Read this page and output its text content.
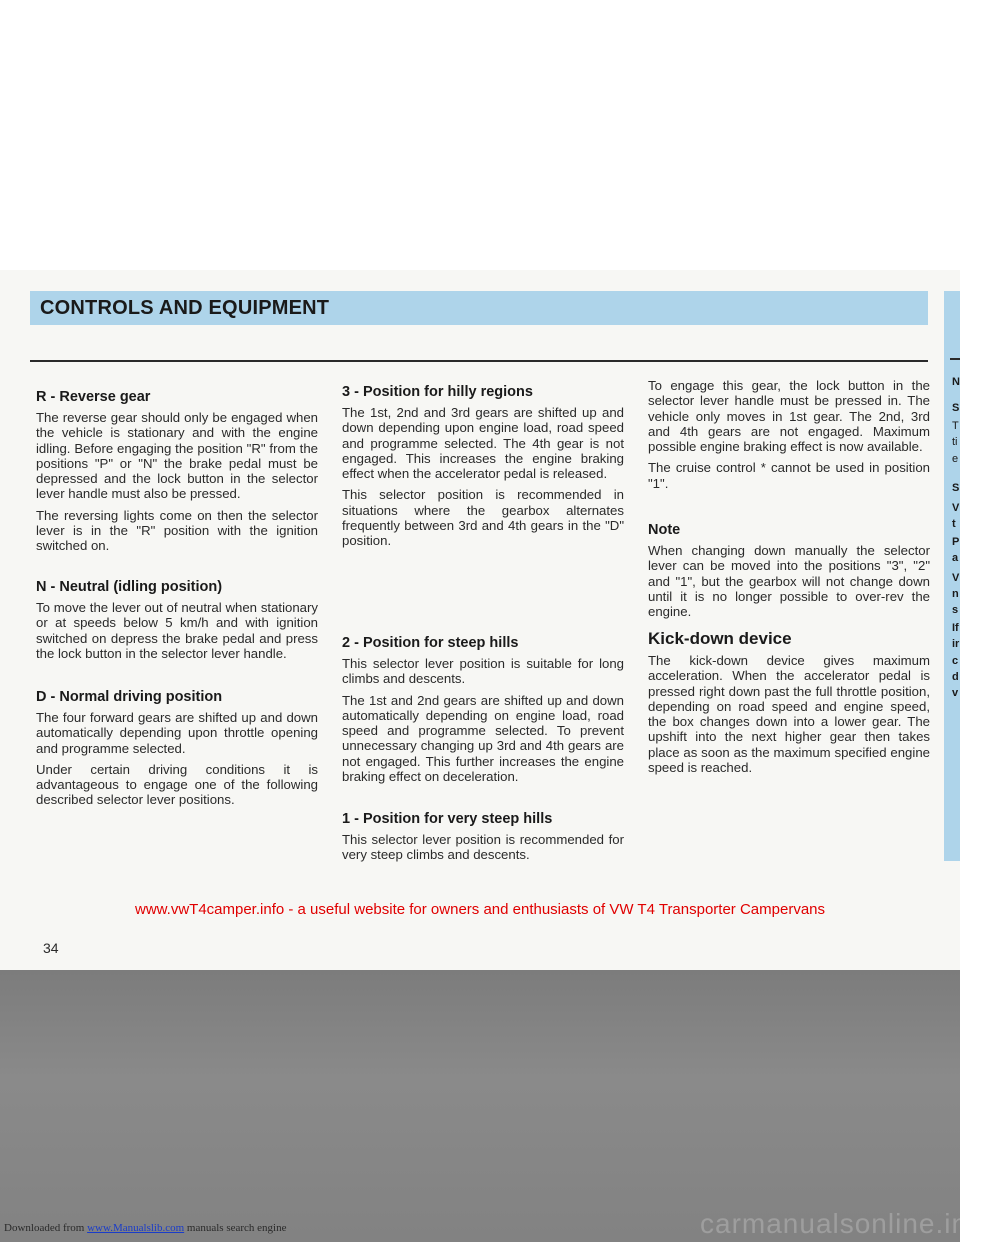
CONTROLS AND EQUIPMENT
N
S
T
ti
e
S
V
t
P
a
V
n
s
If
ir
c
d
v
R - Reverse gear

The reverse gear should only be engaged when the vehicle is stationary and with the engine idling. Before engaging the position "R" from the positions "P" or "N" the brake pedal must be depressed and the lock button in the selector lever handle must also be pressed.

The reversing lights come on then the selector lever is in the "R" position with the ignition switched on.

N - Neutral (idling position)

To move the lever out of neutral when stationary or at speeds below 5 km/h and with ignition switched on depress the brake pedal and press the lock button in the selector lever handle.

D - Normal driving position

The four forward gears are shifted up and down automatically depending upon throttle opening and programme selected.

Under certain driving conditions it is advantageous to engage one of the following described selector lever positions.

3 - Position for hilly regions

The 1st, 2nd and 3rd gears are shifted up and down depending upon engine load, road speed and programme selected. The 4th gear is not engaged. This increases the engine braking effect when the accelerator pedal is released.

This selector position is recommended in situations where the gearbox alternates frequently between 3rd and 4th gears in the "D" position.

2 - Position for steep hills

This selector lever position is suitable for long climbs and descents.

The 1st and 2nd gears are shifted up and down automatically depending on engine load, road speed and programme selected. To prevent unnecessary changing up 3rd and 4th gears are not engaged. This further increases the engine braking effect on deceleration.

1 - Position for very steep hills

This selector lever position is recommended for very steep climbs and descents.

To engage this gear, the lock button in the selector lever handle must be pressed in. The vehicle only moves in 1st gear. The 2nd, 3rd and 4th gears are not engaged. Maximum possible engine braking effect is now available.

The cruise control * cannot be used in position "1".

Note

When changing down manually the selector lever can be moved into the positions "3", "2" and "1", but the gearbox will not change down until it is no longer possible to over-rev the engine.

Kick-down device

The kick-down device gives maximum acceleration. When the accelerator pedal is pressed right down past the full throttle position, depending on road speed and engine speed, the box changes down into a lower gear. The upshift into the next higher gear then takes place as soon as the maximum specified engine speed is reached.

www.vwT4camper.info - a useful website for owners and enthusiasts of VW T4 Transporter Campervans
34
carmanualsonline.info
Downloaded from www.Manualslib.com manuals search engine
